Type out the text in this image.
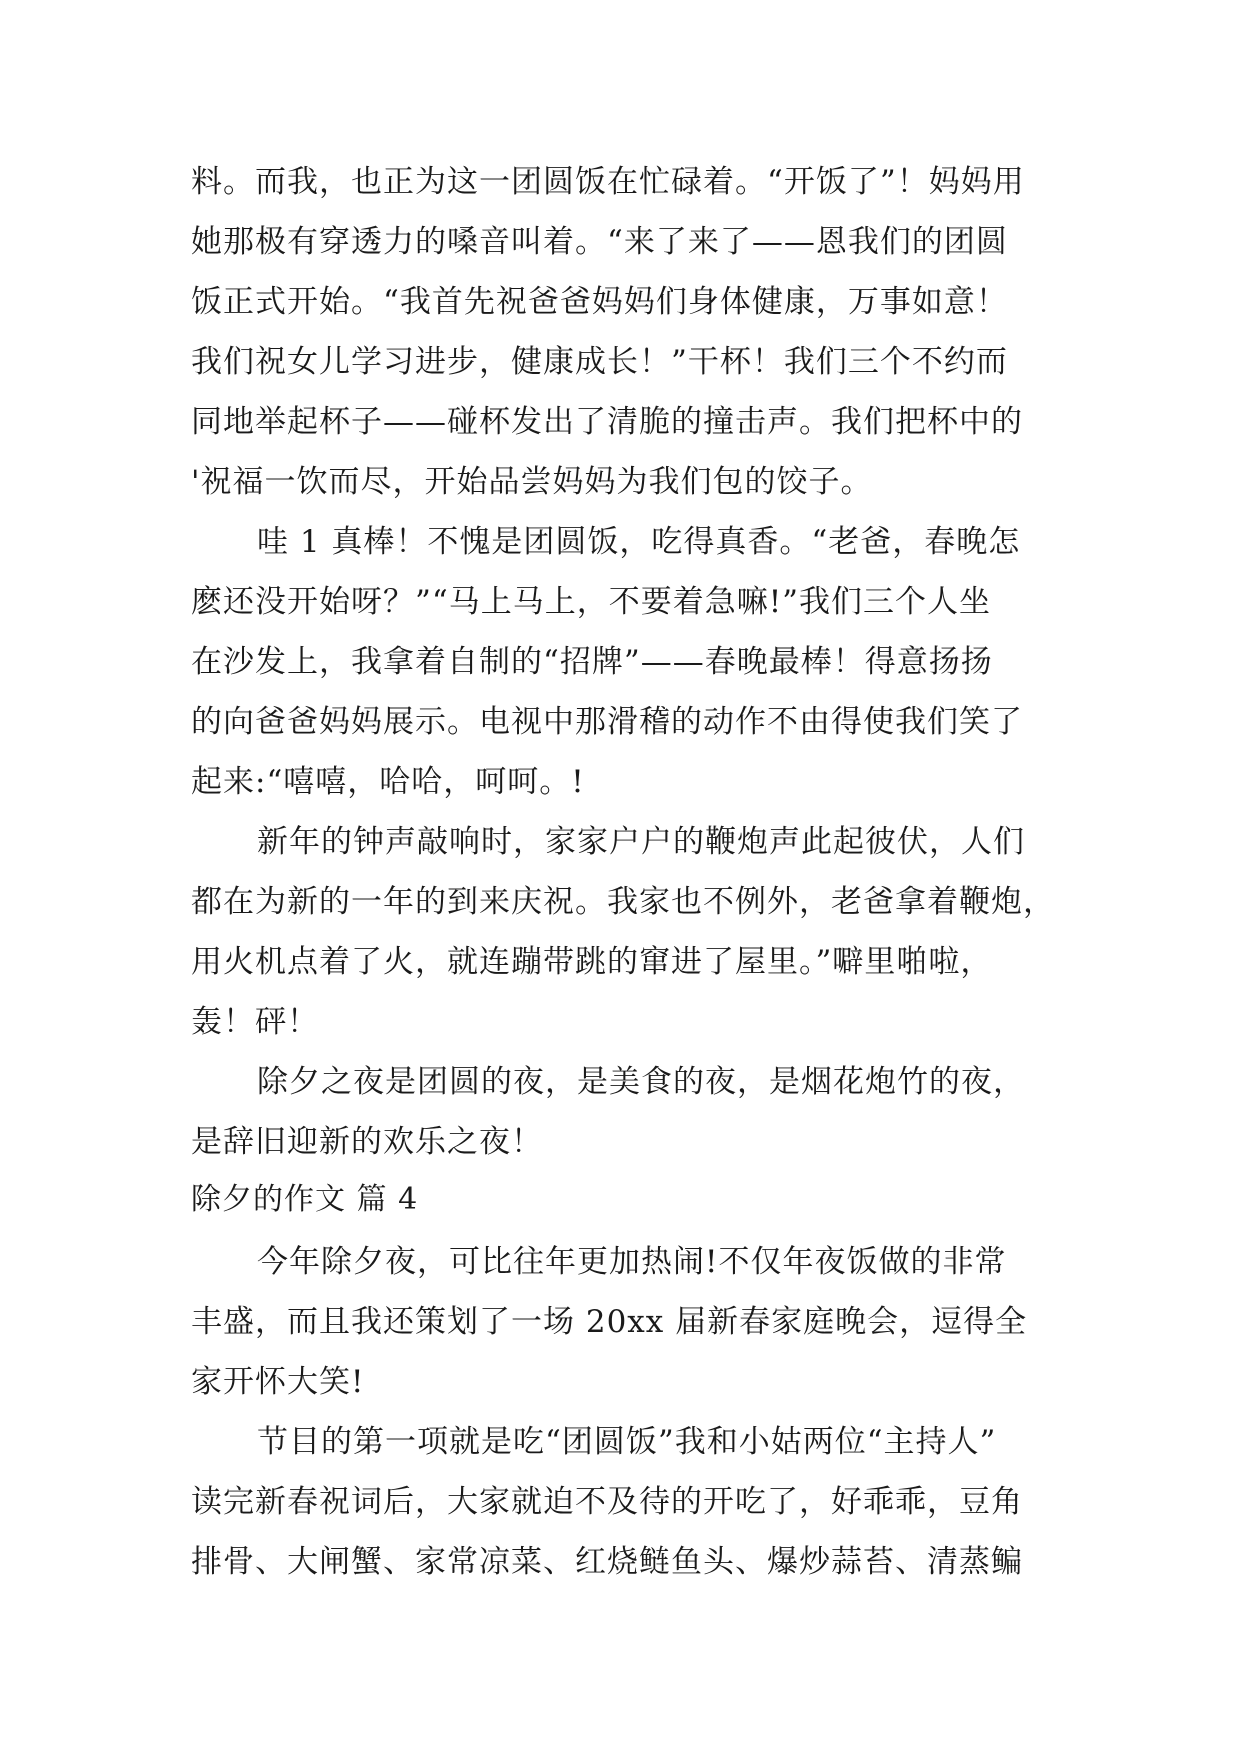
料。而我，也正为这一团圆饭在忙碌着。“开饭了”！妈妈用
她那极有穿透力的嗓音叫着。“来了来了——恩我们的团圆
饭正式开始。“我首先祝爸爸妈妈们身体健康，万事如意！
我们祝女儿学习进步，健康成长！”干杯！我们三个不约而
同地举起杯子——碰杯发出了清脆的撞击声。我们把杯中的
'祝福一饮而尽，开始品尝妈妈为我们包的饺子。
哇 1 真棒！不愧是团圆饭，吃得真香。“老爸，春晚怎
麽还没开始呀？”“马上马上，不要着急嘛!”我们三个人坐
在沙发上，我拿着自制的“招牌”——春晚最棒！得意扬扬
的向爸爸妈妈展示。电视中那滑稽的动作不由得使我们笑了
起来:“嘻嘻，哈哈，呵呵。!
新年的钟声敲响时，家家户户的鞭炮声此起彼伏，人们
都在为新的一年的到来庆祝。我家也不例外，老爸拿着鞭炮，
用火机点着了火，就连蹦带跳的窜进了屋里。”噼里啪啦，
轰！砰！
除夕之夜是团圆的夜，是美食的夜，是烟花炮竹的夜，
是辞旧迎新的欢乐之夜！
除夕的作文 篇 4
今年除夕夜，可比往年更加热闹!不仅年夜饭做的非常
丰盛，而且我还策划了一场 20xx 届新春家庭晚会，逗得全
家开怀大笑!
节目的第一项就是吃“团圆饭”我和小姑两位“主持人”
读完新春祝词后，大家就迫不及待的开吃了，好乖乖，豆角
排骨、大闸蟹、家常凉菜、红烧鲢鱼头、爆炒蒜苔、清蒸鳊
